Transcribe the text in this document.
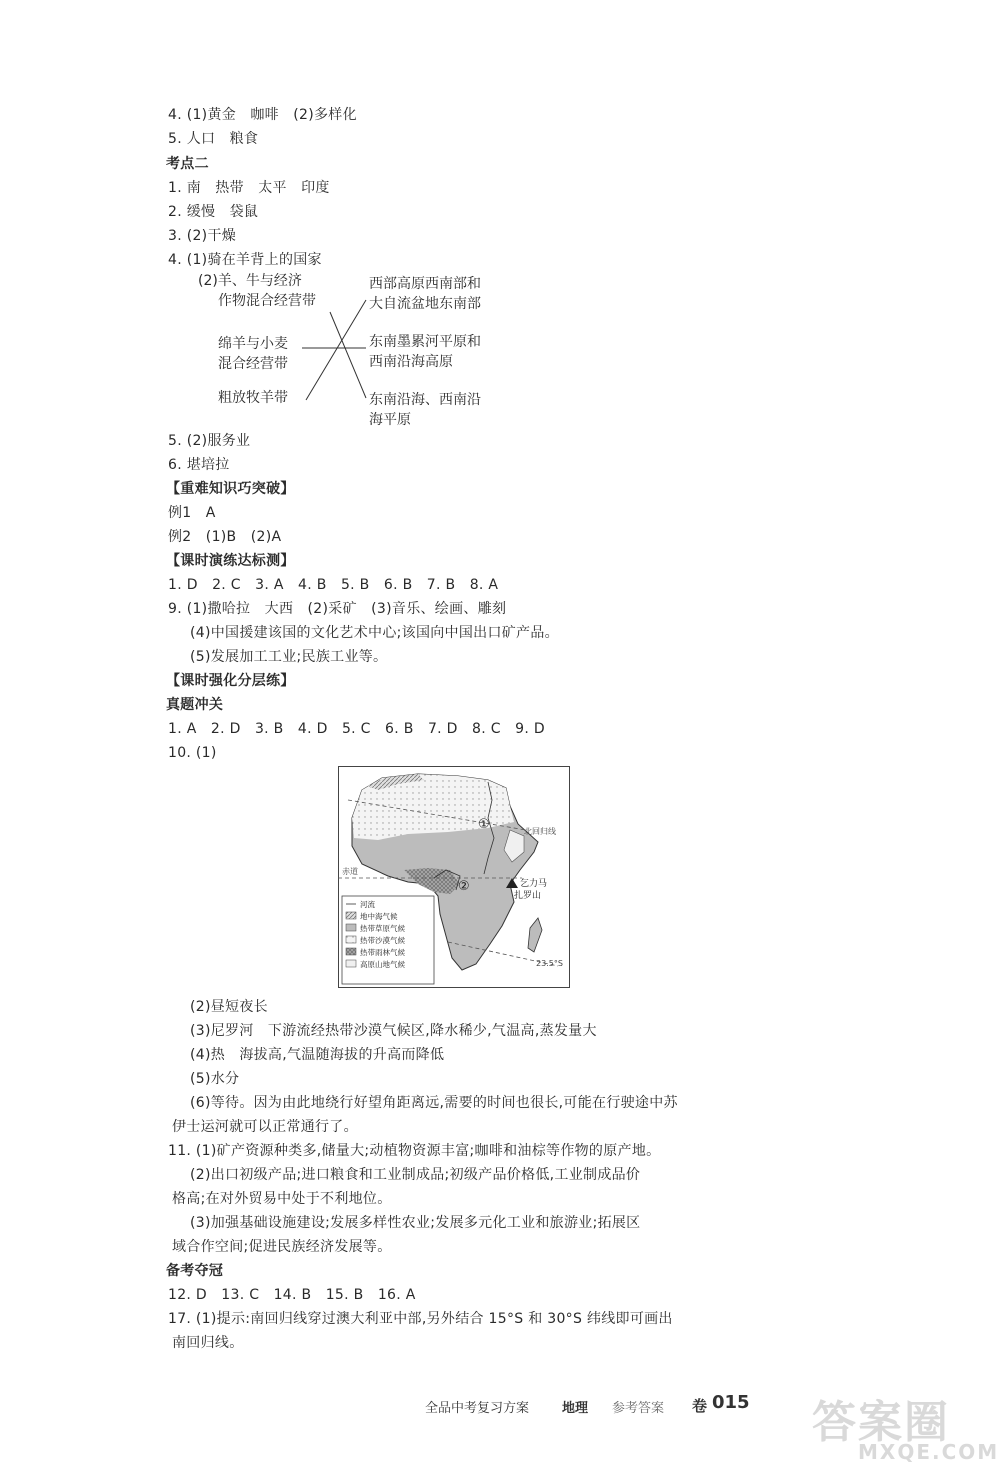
4. (1)黄金　咖啡　(2)多样化
5. 人口　粮食
考点二
1. 南　热带　太平　印度
2. 缓慢　袋鼠
3. (2)干燥
4. (1)骑在羊背上的国家
(2)羊、牛与经济
作物混合经营带
绵羊与小麦
混合经营带
粗放牧羊带
西部高原西南部和
大自流盆地东南部
东南墨累河平原和
西南沿海高原
东南沿海、西南沿
海平原
5. (2)服务业
6. 堪培拉
【重难知识巧突破】
例1　A
例2　(1)B　(2)A
【课时演练达标测】
1. D　2. C　3. A　4. B　5. B　6. B　7. B　8. A
9. (1)撒哈拉　大西　(2)采矿　(3)音乐、绘画、雕刻
(4)中国援建该国的文化艺术中心;该国向中国出口矿产品。
(5)发展加工工业;民族工业等。
【课时强化分层练】
真题冲关
1. A　2. D　3. B　4. D　5. C　6. B　7. D　8. C　9. D
10. (1)
①
②	乞力马
扎罗山
北回归线
赤道
23.5°S
河流
地中海气候
热带草原气候
热带沙漠气候
热带雨林气候
高原山地气候
(2)昼短夜长
(3)尼罗河　下游流经热带沙漠气候区,降水稀少,气温高,蒸发量大
(4)热　海拔高,气温随海拔的升高而降低
(5)水分
(6)等待。因为由此地绕行好望角距离远,需要的时间也很长,可能在行驶途中苏
伊士运河就可以正常通行了。
11. (1)矿产资源种类多,储量大;动植物资源丰富;咖啡和油棕等作物的原产地。
(2)出口初级产品;进口粮食和工业制成品;初级产品价格低,工业制成品价
格高;在对外贸易中处于不利地位。
(3)加强基础设施建设;发展多样性农业;发展多元化工业和旅游业;拓展区
域合作空间;促进民族经济发展等。
备考夺冠
12. D　13. C　14. B　15. B　16. A
17. (1)提示:南回归线穿过澳大利亚中部,另外结合 15°S 和 30°S 纬线即可画出
南回归线。
全品中考复习方案	地理 参考答案 卷 015 答案圈
MXQE.COM
